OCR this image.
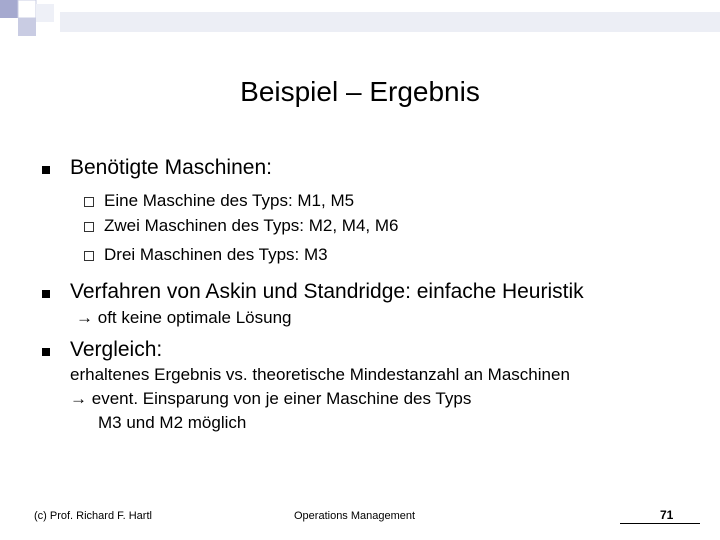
Beispiel – Ergebnis
Benötigte Maschinen:
Eine Maschine des Typs: M1, M5
Zwei Maschinen des Typs: M2, M4, M6
Drei Maschinen des Typs: M3
Verfahren von Askin und Standridge: einfache Heuristik
→ oft keine optimale Lösung
Vergleich:
erhaltenes Ergebnis vs. theoretische Mindestanzahl an Maschinen
→ event. Einsparung von je einer Maschine des Typs
M3 und M2 möglich
(c) Prof. Richard F. Hartl	Operations Management	71
